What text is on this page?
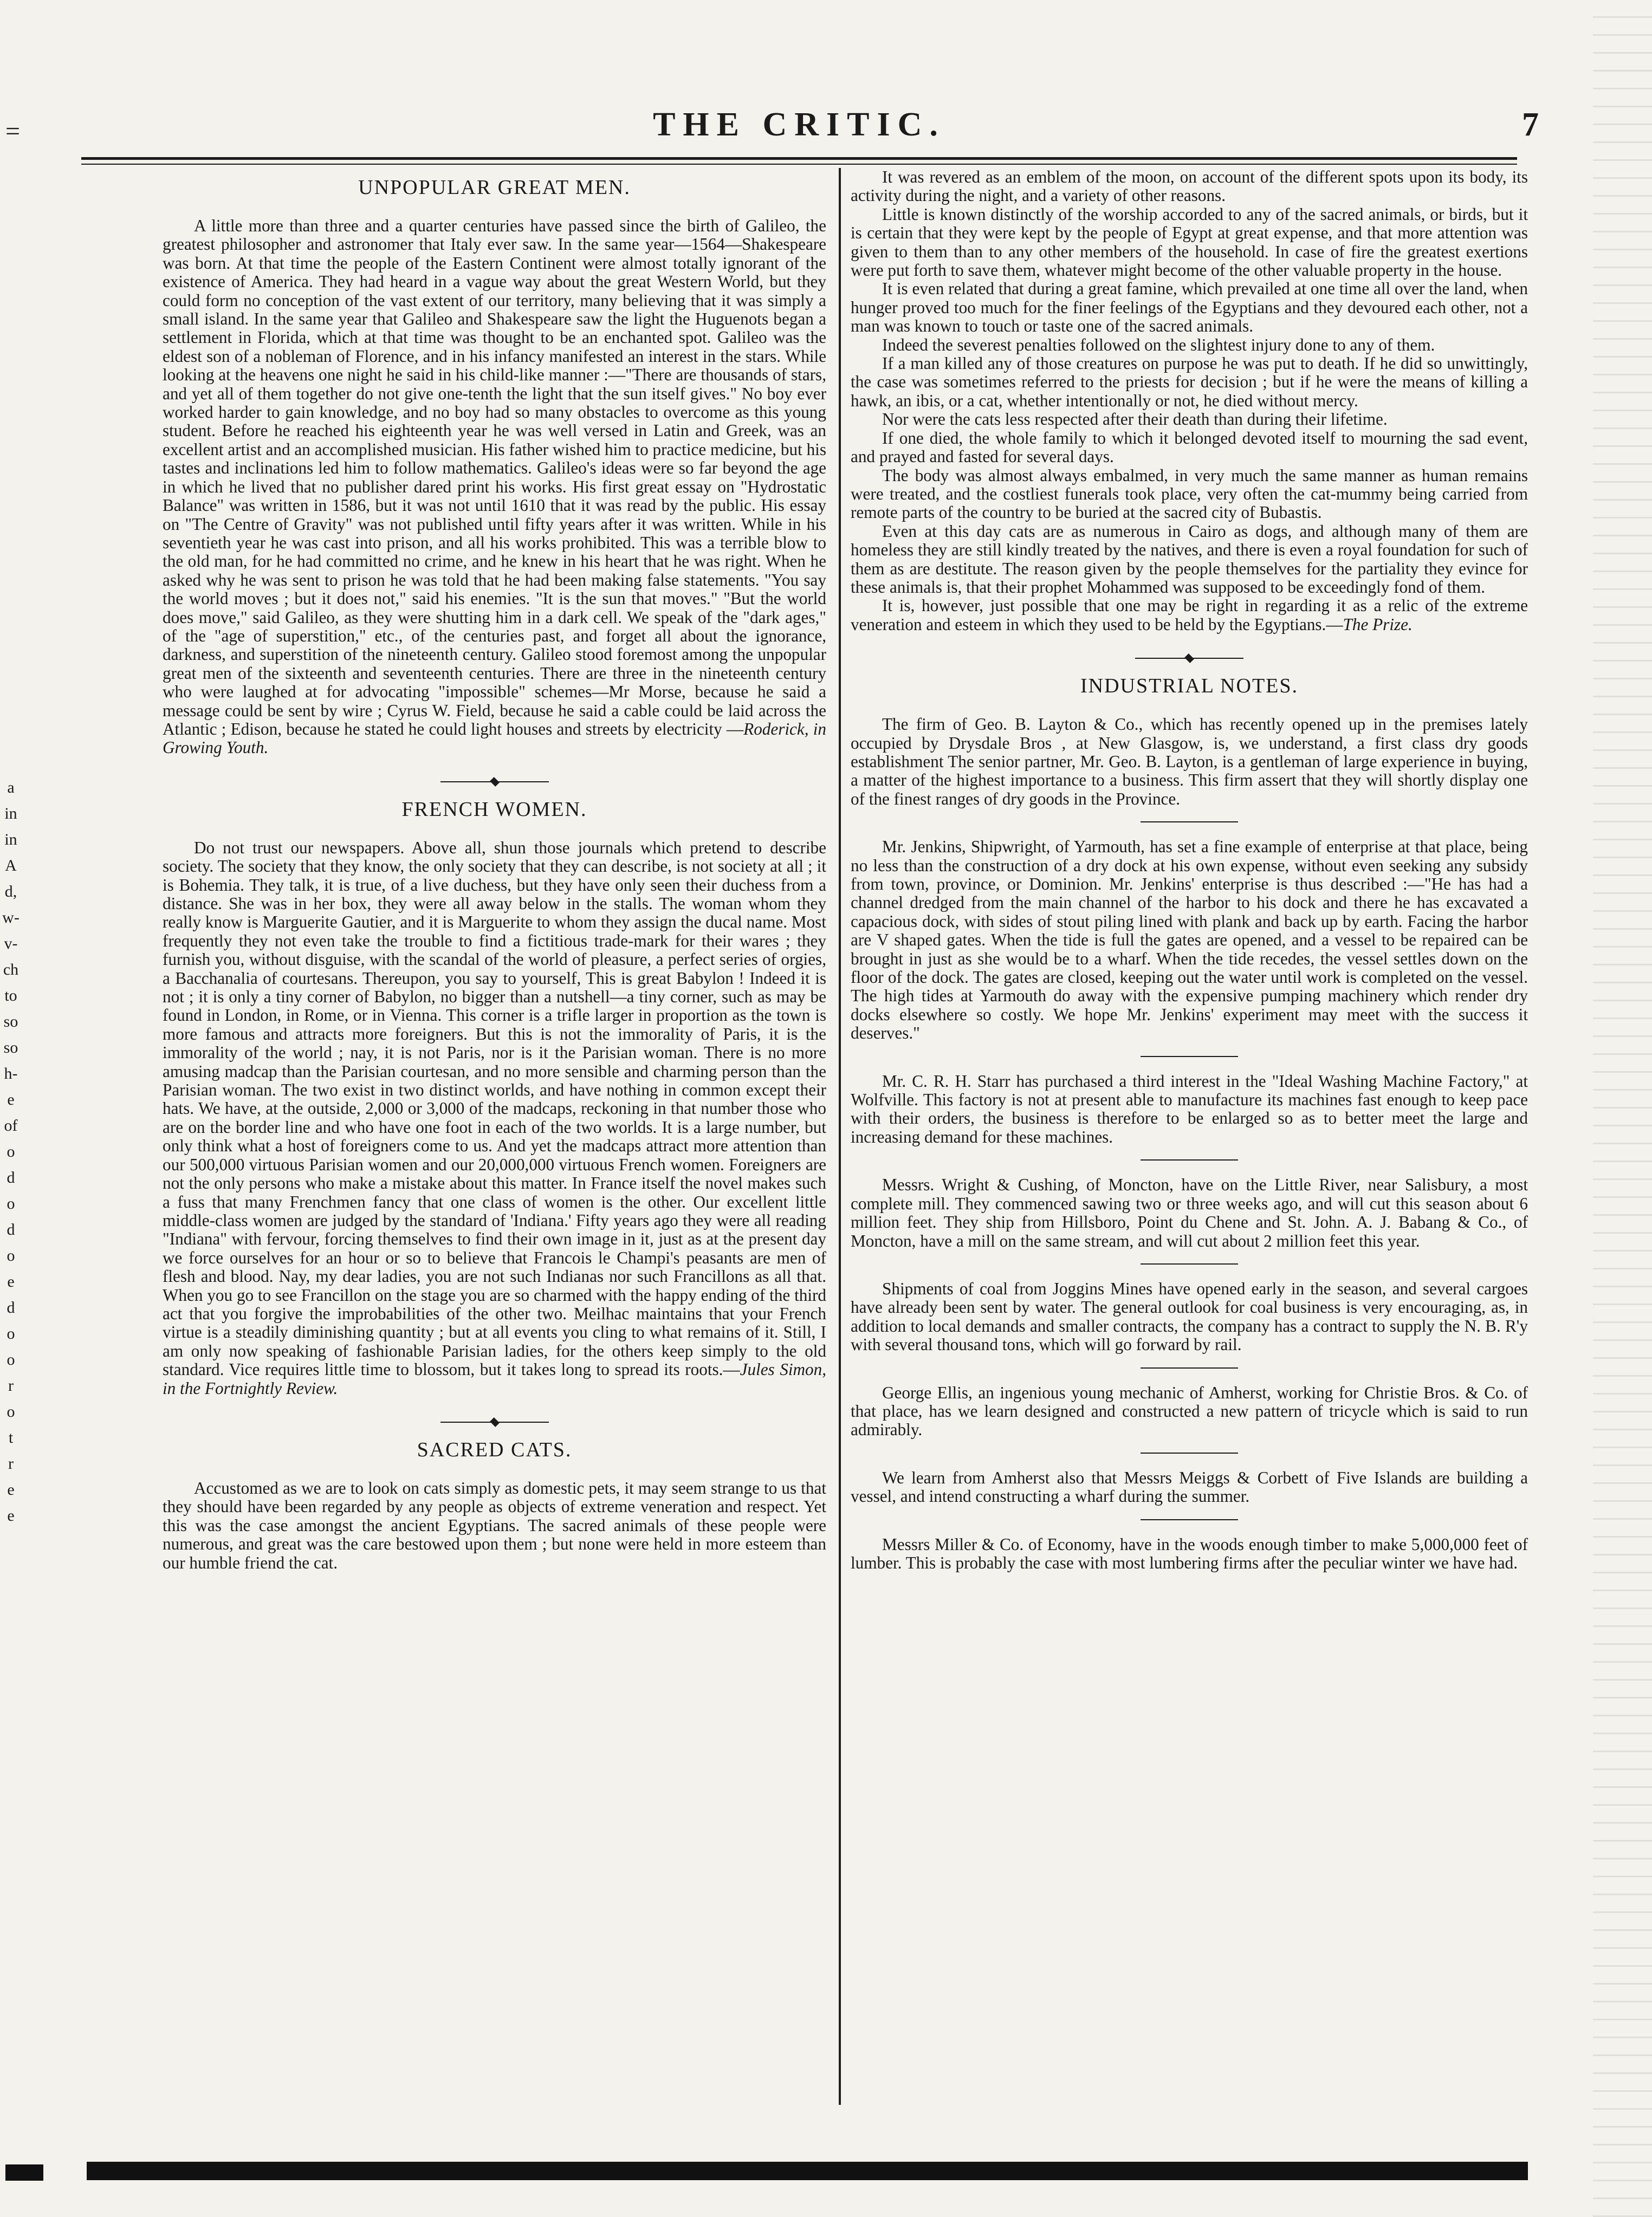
=	THE CRITIC.	7
UNPOPULAR GREAT MEN.

A little more than three and a quarter centuries have passed since the birth of Galileo, the greatest philosopher and astronomer that Italy ever saw. In the same year—1564—Shakespeare was born. At that time the people of the Eastern Continent were almost totally ignorant of the existence of America. They had heard in a vague way about the great Western World, but they could form no conception of the vast extent of our territory, many believing that it was simply a small island. In the same year that Galileo and Shakespeare saw the light the Huguenots began a settlement in Florida, which at that time was thought to be an enchanted spot. Galileo was the eldest son of a nobleman of Florence, and in his infancy manifested an interest in the stars. While looking at the heavens one night he said in his child-like manner :—"There are thousands of stars, and yet all of them together do not give one-tenth the light that the sun itself gives." No boy ever worked harder to gain knowledge, and no boy had so many obstacles to overcome as this young student. Before he reached his eighteenth year he was well versed in Latin and Greek, was an excellent artist and an accomplished musician. His father wished him to practice medicine, but his tastes and inclinations led him to follow mathematics. Galileo's ideas were so far beyond the age in which he lived that no publisher dared print his works. His first great essay on "Hydrostatic Balance" was written in 1586, but it was not until 1610 that it was read by the public. His essay on "The Centre of Gravity" was not published until fifty years after it was written. While in his seventieth year he was cast into prison, and all his works prohibited. This was a terrible blow to the old man, for he had committed no crime, and he knew in his heart that he was right. When he asked why he was sent to prison he was told that he had been making false statements. "You say the world moves ; but it does not," said his enemies. "It is the sun that moves." "But the world does move," said Galileo, as they were shutting him in a dark cell. We speak of the "dark ages," of the "age of superstition," etc., of the centuries past, and forget all about the ignorance, darkness, and superstition of the nineteenth century. Galileo stood foremost among the unpopular great men of the sixteenth and seventeenth centuries. There are three in the nineteenth century who were laughed at for advocating "impossible" schemes—Mr Morse, because he said a message could be sent by wire ; Cyrus W. Field, because he said a cable could be laid across the Atlantic ; Edison, because he stated he could light houses and streets by electricity —Roderick, in Growing Youth.

FRENCH WOMEN.

Do not trust our newspapers. Above all, shun those journals which pretend to describe society. The society that they know, the only society that they can describe, is not society at all ; it is Bohemia. They talk, it is true, of a live duchess, but they have only seen their duchess from a distance. She was in her box, they were all away below in the stalls. The woman whom they really know is Marguerite Gautier, and it is Marguerite to whom they assign the ducal name. Most frequently they not even take the trouble to find a fictitious trade-mark for their wares ; they furnish you, without disguise, with the scandal of the world of pleasure, a perfect series of orgies, a Bacchanalia of courtesans. Thereupon, you say to yourself, This is great Babylon ! Indeed it is not ; it is only a tiny corner of Babylon, no bigger than a nutshell—a tiny corner, such as may be found in London, in Rome, or in Vienna. This corner is a trifle larger in proportion as the town is more famous and attracts more foreigners. But this is not the immorality of Paris, it is the immorality of the world ; nay, it is not Paris, nor is it the Parisian woman. There is no more amusing madcap than the Parisian courtesan, and no more sensible and charming person than the Parisian woman. The two exist in two distinct worlds, and have nothing in common except their hats. We have, at the outside, 2,000 or 3,000 of the madcaps, reckoning in that number those who are on the border line and who have one foot in each of the two worlds. It is a large number, but only think what a host of foreigners come to us. And yet the madcaps attract more attention than our 500,000 virtuous Parisian women and our 20,000,000 virtuous French women. Foreigners are not the only persons who make a mistake about this matter. In France itself the novel makes such a fuss that many Frenchmen fancy that one class of women is the other. Our excellent little middle-class women are judged by the standard of 'Indiana.' Fifty years ago they were all reading "Indiana" with fervour, forcing themselves to find their own image in it, just as at the present day we force ourselves for an hour or so to believe that Francois le Champi's peasants are men of flesh and blood. Nay, my dear ladies, you are not such Indianas nor such Francillons as all that. When you go to see Francillon on the stage you are so charmed with the happy ending of the third act that you forgive the improbabilities of the other two. Meilhac maintains that your French virtue is a steadily diminishing quantity ; but at all events you cling to what remains of it. Still, I am only now speaking of fashionable Parisian ladies, for the others keep simply to the old standard. Vice requires little time to blossom, but it takes long to spread its roots.—Jules Simon, in the Fortnightly Review.

SACRED CATS.

Accustomed as we are to look on cats simply as domestic pets, it may seem strange to us that they should have been regarded by any people as objects of extreme veneration and respect. Yet this was the case amongst the ancient Egyptians. The sacred animals of these people were numerous, and great was the care bestowed upon them ; but none were held in more esteem than our humble friend the cat.

It was revered as an emblem of the moon, on account of the different spots upon its body, its activity during the night, and a variety of other reasons.

Little is known distinctly of the worship accorded to any of the sacred animals, or birds, but it is certain that they were kept by the people of Egypt at great expense, and that more attention was given to them than to any other members of the household. In case of fire the greatest exertions were put forth to save them, whatever might become of the other valuable property in the house.

It is even related that during a great famine, which prevailed at one time all over the land, when hunger proved too much for the finer feelings of the Egyptians and they devoured each other, not a man was known to touch or taste one of the sacred animals.

Indeed the severest penalties followed on the slightest injury done to any of them.

If a man killed any of those creatures on purpose he was put to death. If he did so unwittingly, the case was sometimes referred to the priests for decision ; but if he were the means of killing a hawk, an ibis, or a cat, whether intentionally or not, he died without mercy.

Nor were the cats less respected after their death than during their lifetime.

If one died, the whole family to which it belonged devoted itself to mourning the sad event, and prayed and fasted for several days.

The body was almost always embalmed, in very much the same manner as human remains were treated, and the costliest funerals took place, very often the cat-mummy being carried from remote parts of the country to be buried at the sacred city of Bubastis.

Even at this day cats are as numerous in Cairo as dogs, and although many of them are homeless they are still kindly treated by the natives, and there is even a royal foundation for such of them as are destitute. The reason given by the people themselves for the partiality they evince for these animals is, that their prophet Mohammed was supposed to be exceedingly fond of them.

It is, however, just possible that one may be right in regarding it as a relic of the extreme veneration and esteem in which they used to be held by the Egyptians.—The Prize.

INDUSTRIAL NOTES.

The firm of Geo. B. Layton & Co., which has recently opened up in the premises lately occupied by Drysdale Bros , at New Glasgow, is, we understand, a first class dry goods establishment The senior partner, Mr. Geo. B. Layton, is a gentleman of large experience in buying, a matter of the highest importance to a business. This firm assert that they will shortly display one of the finest ranges of dry goods in the Province.

Mr. Jenkins, Shipwright, of Yarmouth, has set a fine example of enterprise at that place, being no less than the construction of a dry dock at his own expense, without even seeking any subsidy from town, province, or Dominion. Mr. Jenkins' enterprise is thus described :—"He has had a channel dredged from the main channel of the harbor to his dock and there he has excavated a capacious dock, with sides of stout piling lined with plank and back up by earth. Facing the harbor are V shaped gates. When the tide is full the gates are opened, and a vessel to be repaired can be brought in just as she would be to a wharf. When the tide recedes, the vessel settles down on the floor of the dock. The gates are closed, keeping out the water until work is completed on the vessel. The high tides at Yarmouth do away with the expensive pumping machinery which render dry docks elsewhere so costly. We hope Mr. Jenkins' experiment may meet with the success it deserves."

Mr. C. R. H. Starr has purchased a third interest in the "Ideal Washing Machine Factory," at Wolfville. This factory is not at present able to manufacture its machines fast enough to keep pace with their orders, the business is therefore to be enlarged so as to better meet the large and increasing demand for these machines.

Messrs. Wright & Cushing, of Moncton, have on the Little River, near Salisbury, a most complete mill. They commenced sawing two or three weeks ago, and will cut this season about 6 million feet. They ship from Hillsboro, Point du Chene and St. John. A. J. Babang & Co., of Moncton, have a mill on the same stream, and will cut about 2 million feet this year.

Shipments of coal from Joggins Mines have opened early in the season, and several cargoes have already been sent by water. The general outlook for coal business is very encouraging, as, in addition to local demands and smaller contracts, the company has a contract to supply the N. B. R'y with several thousand tons, which will go forward by rail.

George Ellis, an ingenious young mechanic of Amherst, working for Christie Bros. & Co. of that place, has we learn designed and constructed a new pattern of tricycle which is said to run admirably.

We learn from Amherst also that Messrs Meiggs & Corbett of Five Islands are building a vessel, and intend constructing a wharf during the summer.

Messrs Miller & Co. of Economy, have in the woods enough timber to make 5,000,000 feet of lumber. This is probably the case with most lumbering firms after the peculiar winter we have had.

a
in
in
A
d,
w-
v-
ch
to
so
so
h-
e
of
o
d
o
d
o
e
d
o
o
r
o
t
r
e
e
